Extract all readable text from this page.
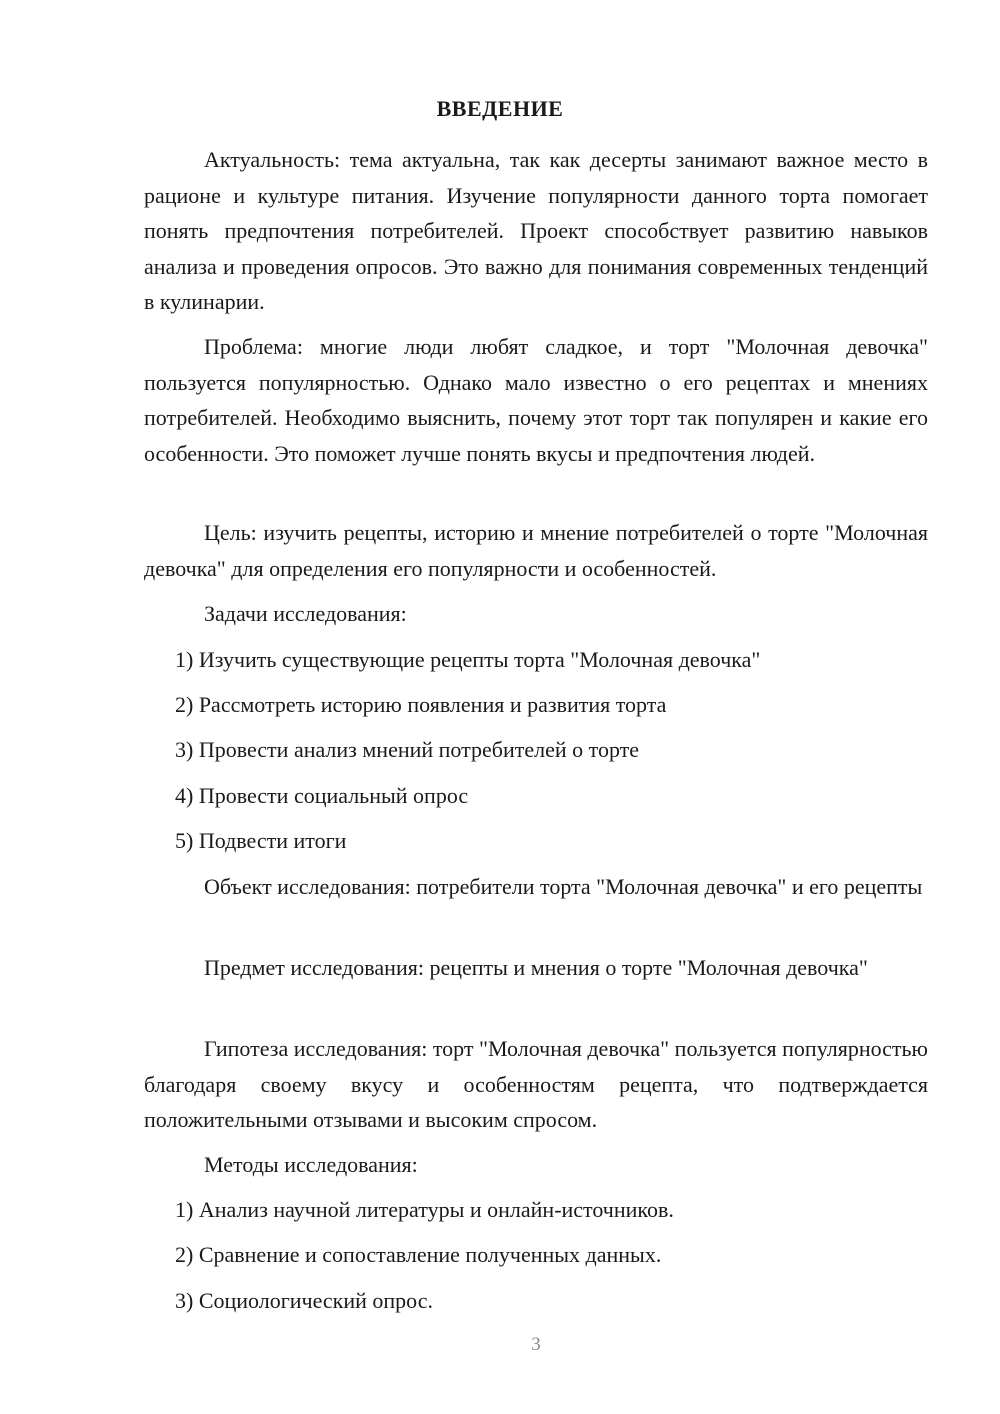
ВВЕДЕНИЕ
Актуальность: тема актуальна, так как десерты занимают важное место в рационе и культуре питания. Изучение популярности данного торта помогает понять предпочтения потребителей. Проект способствует развитию навыков анализа и проведения опросов. Это важно для понимания современных тенденций в кулинарии.
Проблема: многие люди любят сладкое, и торт "Молочная девочка" пользуется популярностью. Однако мало известно о его рецептах и мнениях потребителей. Необходимо выяснить, почему этот торт так популярен и какие его особенности. Это поможет лучше понять вкусы и предпочтения людей.
Цель: изучить рецепты, историю и мнение потребителей о торте "Молочная девочка" для определения его популярности и особенностей.
Задачи исследования:
1) Изучить существующие рецепты торта "Молочная девочка"
2) Рассмотреть историю появления и развития торта
3) Провести анализ мнений потребителей о торте
4) Провести социальный опрос
5) Подвести итоги
Объект исследования: потребители торта "Молочная девочка" и его рецепты
Предмет исследования: рецепты и мнения о торте "Молочная девочка"
Гипотеза исследования: торт "Молочная девочка" пользуется популярностью благодаря своему вкусу и особенностям рецепта, что подтверждается положительными отзывами и высоким спросом.
Методы исследования:
1) Анализ научной литературы и онлайн-источников.
2) Сравнение и сопоставление полученных данных.
3) Социологический опрос.
3
